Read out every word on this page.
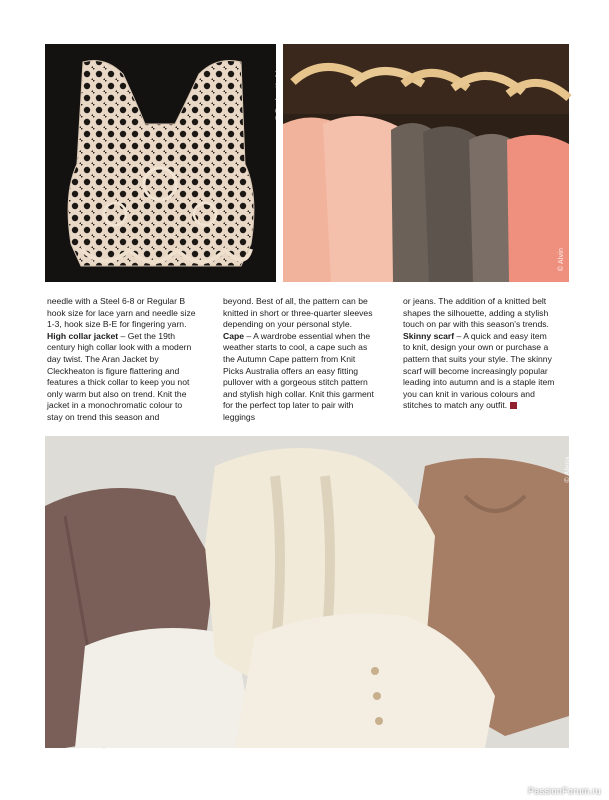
© Ruslan Kudrin
© Alvin

needle with a Steel 6-8 or Regular B hook size for lace yarn and needle size 1-3, hook size B-E for fingering yarn.
High collar jacket – Get the 19th century high collar look with a modern day twist. The Aran Jacket by Cleckheaton is figure flattering and features a thick collar to keep you not only warm but also on trend. Knit the jacket in a monochromatic colour to stay on trend this season and

beyond. Best of all, the pattern can be knitted in short or three-quarter sleeves depending on your personal style.
Cape – A wardrobe essential when the weather starts to cool, a cape such as the Autumn Cape pattern from Knit Picks Australia offers an easy fitting pullover with a gorgeous stitch pattern and stylish high collar. Knit this garment for the perfect top later to pair with leggings

or jeans. The addition of a knitted belt shapes the silhouette, adding a stylish touch on par with this season's trends.
Skinny scarf – A quick and easy item to knit, design your own or purchase a pattern that suits your style. The skinny scarf will become increasingly popular leading into autumn and is a staple item you can knit in various colours and stitches to match any outfit.

© Alena
PassionForum.ru
